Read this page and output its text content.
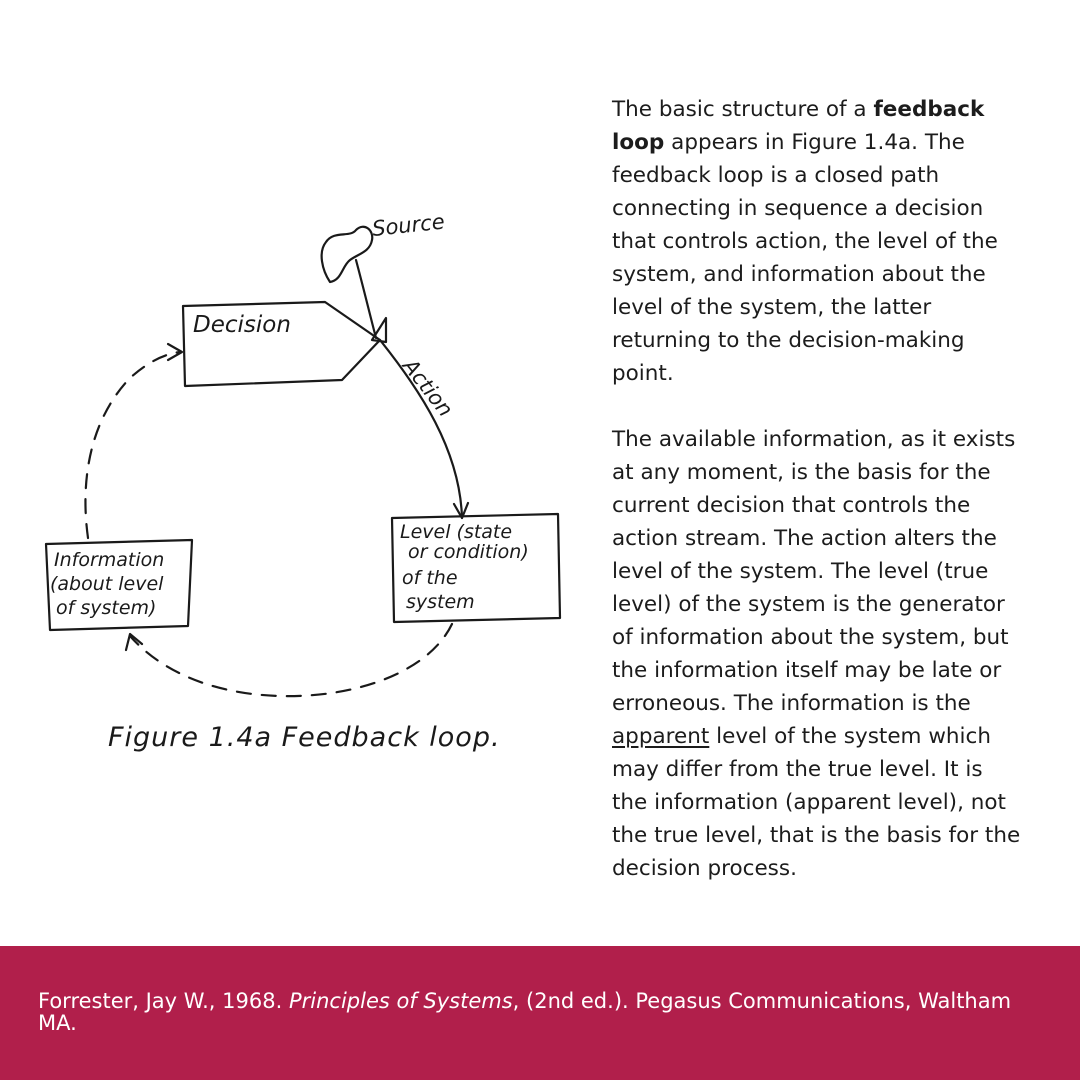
Source
Decision
Action
Level (state
or condition)
of the
system
Information
(about level
of system)
Figure 1.4a Feedback loop.

The basic structure of a feedback loop appears in Figure 1.4a. The feedback loop is a closed path connecting in sequence a decision that controls action, the level of the system, and information about the level of the system, the latter returning to the decision-making point.

The available information, as it exists at any moment, is the basis for the current decision that controls the action stream. The action alters the level of the system. The level (true level) of the system is the generator of information about the system, but the information itself may be late or erroneous. The information is the apparent level of the system which may differ from the true level. It is the information (apparent level), not the true level, that is the basis for the decision process.

Forrester, Jay W., 1968. Principles of Systems, (2nd ed.). Pegasus Communications, Waltham MA.
